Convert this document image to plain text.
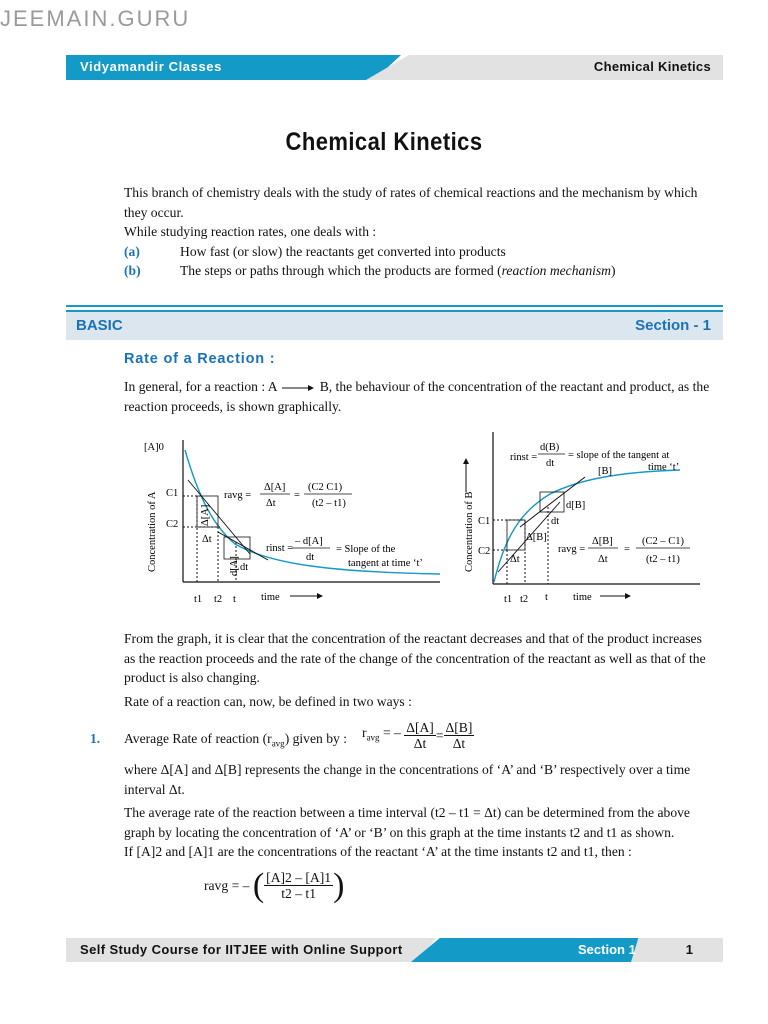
JEEMAIN.GURU
Vidyamandir Classes	Chemical Kinetics
Chemical Kinetics
This branch of chemistry deals with the study of rates of chemical reactions and the mechanism by which
they occur.
While studying reaction rates, one deals with :
(a)	How fast (or slow) the reactants get converted into products
(b)	The steps or paths through which the products are formed (reaction mechanism)
BASIC	Section - 1
Rate of a Reaction :
In general, for a reaction : A → B, the behaviour of the concentration of the reactant and product, as the
reaction proceeds, is shown graphically.
[A]0
C1
C2
Concentration of A
t1 t2 t time
Δ[A]
Δt
d[A] dt
ravg =
Δ[A]
Δt
=
(C2 C1)
(t2 – t1)
rinst =
– d[A]
dt
= Slope of the
tangent at time ‘t’	Concentration of B C1
C2
t1 t2 t time
Δt
Δ[B]
d[B]
dt
rinst =
d(B)
dt
= slope of the tangent at
time ‘t’
[B]
ravg =
Δ[B]
Δt
=
(C2 – C1)
(t2 – t1)
From the graph, it is clear that the concentration of the reactant decreases and that of the product increases
as the reaction proceeds and the rate of the change of the concentration of the reactant as well as that of the
product is also changing.
Rate of a reaction can, now, be defined in two ways :
1. Average Rate of reaction $(r_{avg})$ given by : $r_{avg}$ = – $\frac{\Delta[A]}{\Delta t} = \frac{\Delta[B]}{\Delta t}$
where Δ[A] and Δ[B] represents the change in the concentrations of ‘A’ and ‘B’ respectively over a time
interval Δt.
The average rate of the reaction between a time interval (t2 – t1 = Δt) can be determined from the above
graph by locating the concentration of ‘A’ or ‘B’ on this graph at the time instants t2 and t1 as shown.
If [A]2 and [A]1 are the concentrations of the reactant ‘A’ at the time instants t2 and t1, then :
ravg = – ( $\frac{[A]2 - [A]1}{t2 - t1}$ )
Self Study Course for IITJEE with Online Support	Section 1	1
